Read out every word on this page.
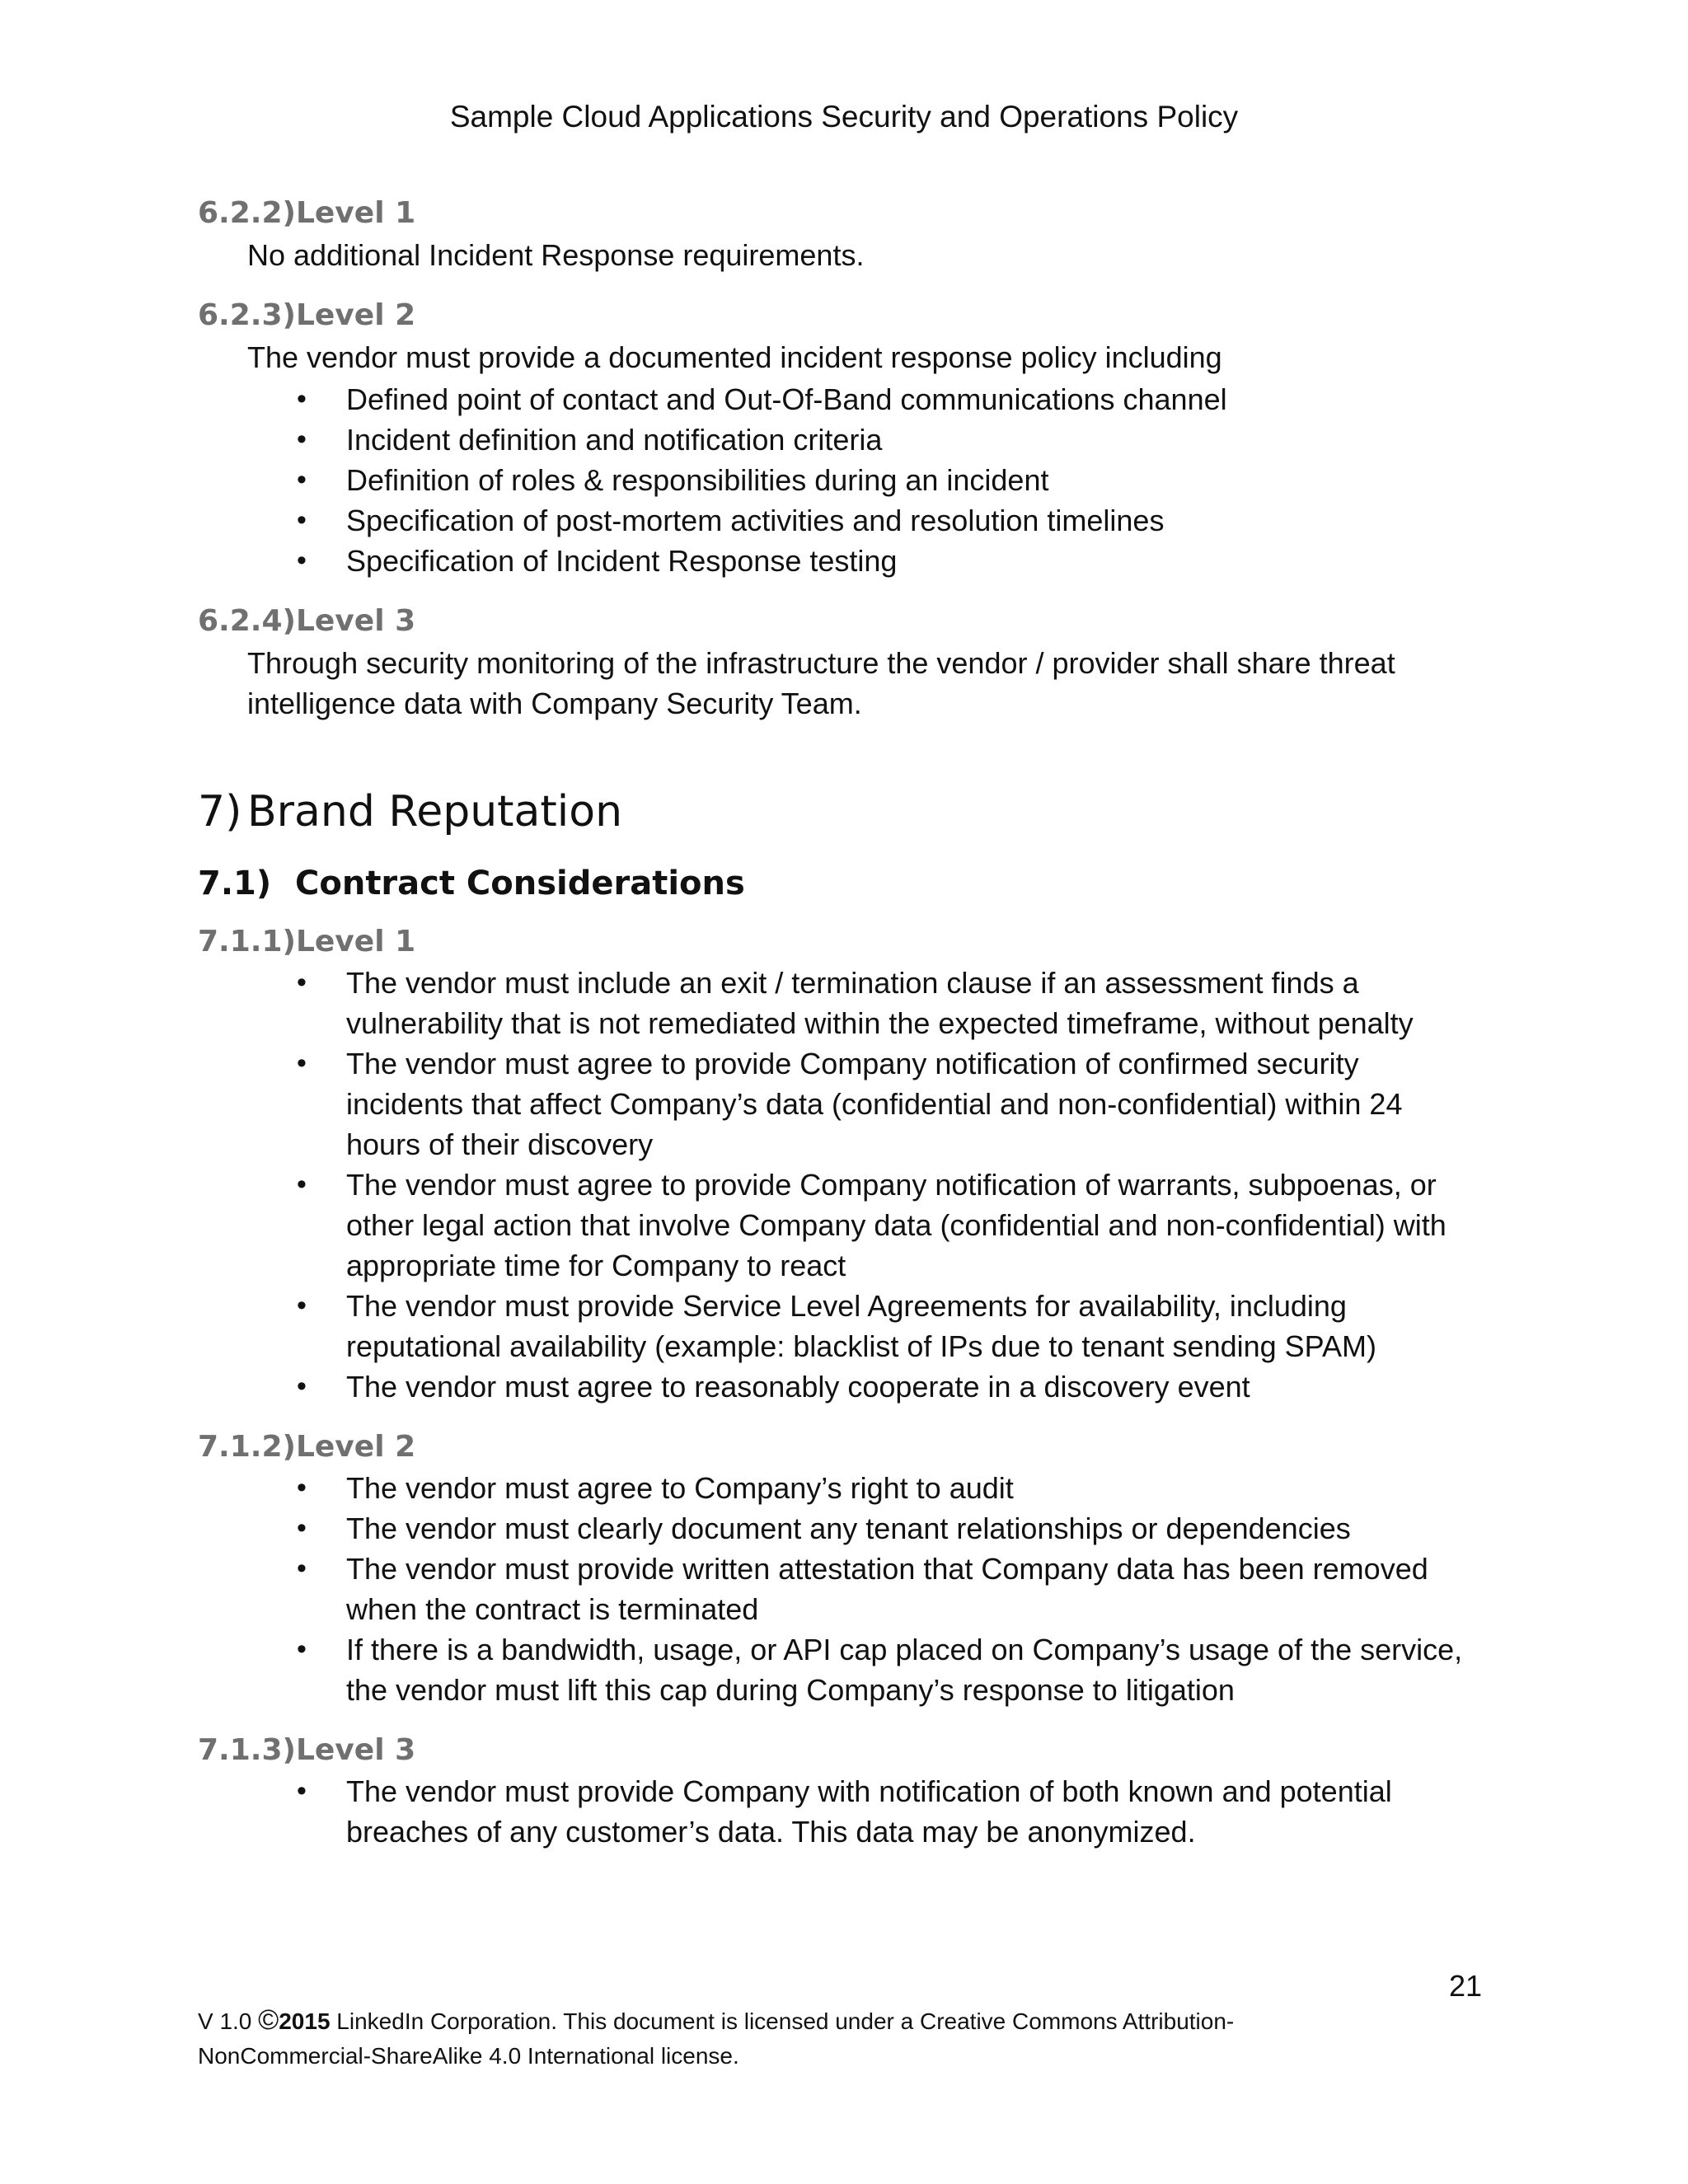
Sample Cloud Applications Security and Operations Policy
6.2.2) Level 1

No additional Incident Response requirements.

6.2.3) Level 2

The vendor must provide a documented incident response policy including

• Defined point of contact and Out-Of-Band communications channel
• Incident definition and notification criteria
• Definition of roles & responsibilities during an incident
• Specification of post-mortem activities and resolution timelines
• Specification of Incident Response testing
6.2.4) Level 3

Through security monitoring of the infrastructure the vendor / provider shall share threat intelligence data with Company Security Team.

7) Brand Reputation
7.1) Contract Considerations
7.1.1) Level 1
• The vendor must include an exit / termination clause if an assessment finds a vulnerability that is not remediated within the expected timeframe, without penalty
• The vendor must agree to provide Company notification of confirmed security incidents that affect Company’s data (confidential and non-confidential) within 24 hours of their discovery
• The vendor must agree to provide Company notification of warrants, subpoenas, or other legal action that involve Company data (confidential and non-confidential) with appropriate time for Company to react
• The vendor must provide Service Level Agreements for availability, including reputational availability (example: blacklist of IPs due to tenant sending SPAM)
• The vendor must agree to reasonably cooperate in a discovery event
7.1.2) Level 2
• The vendor must agree to Company’s right to audit
• The vendor must clearly document any tenant relationships or dependencies
• The vendor must provide written attestation that Company data has been removed when the contract is terminated
• If there is a bandwidth, usage, or API cap placed on Company’s usage of the service, the vendor must lift this cap during Company’s response to litigation
7.1.3) Level 3
• The vendor must provide Company with notification of both known and potential breaches of any customer’s data. This data may be anonymized.
21
V 1.0 ©2015 LinkedIn Corporation. This document is licensed under a Creative Commons Attribution-
NonCommercial-ShareAlike 4.0 International license.
